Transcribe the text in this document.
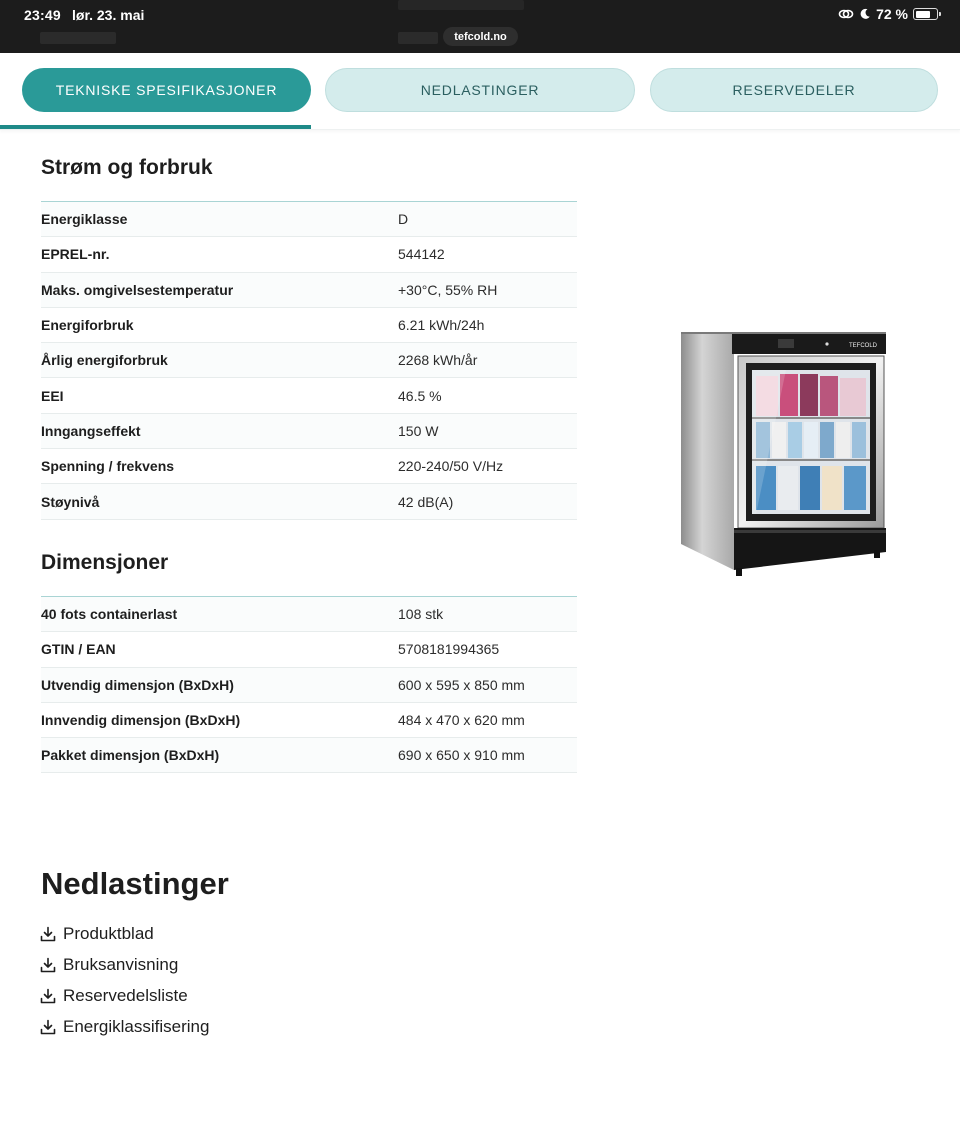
23:49 lør. 23. mai
tefcold.no
72 %
TEKNISKE SPESIFIKASJONER	NEDLASTINGER	RESERVEDELER
Strøm og forbruk
Energiklasse	D
EPREL-nr.	544142
Maks. omgivelsestemperatur	+30°C, 55% RH
Energiforbruk	6.21 kWh/24h
Årlig energiforbruk	2268 kWh/år
EEI	46.5 %
Inngangseffekt	150 W
Spenning / frekvens	220-240/50 V/Hz
Støynivå	42 dB(A)
Dimensjoner
40 fots containerlast	108 stk
GTIN / EAN	5708181994365
Utvendig dimensjon (BxDxH)	600 x 595 x 850 mm
Innvendig dimensjon (BxDxH)	484 x 470 x 620 mm
Pakket dimensjon (BxDxH)	690 x 650 x 910 mm
TEFCOLD
Nedlastinger
Produktblad
Bruksanvisning
Reservedelsliste
Energiklassifisering
